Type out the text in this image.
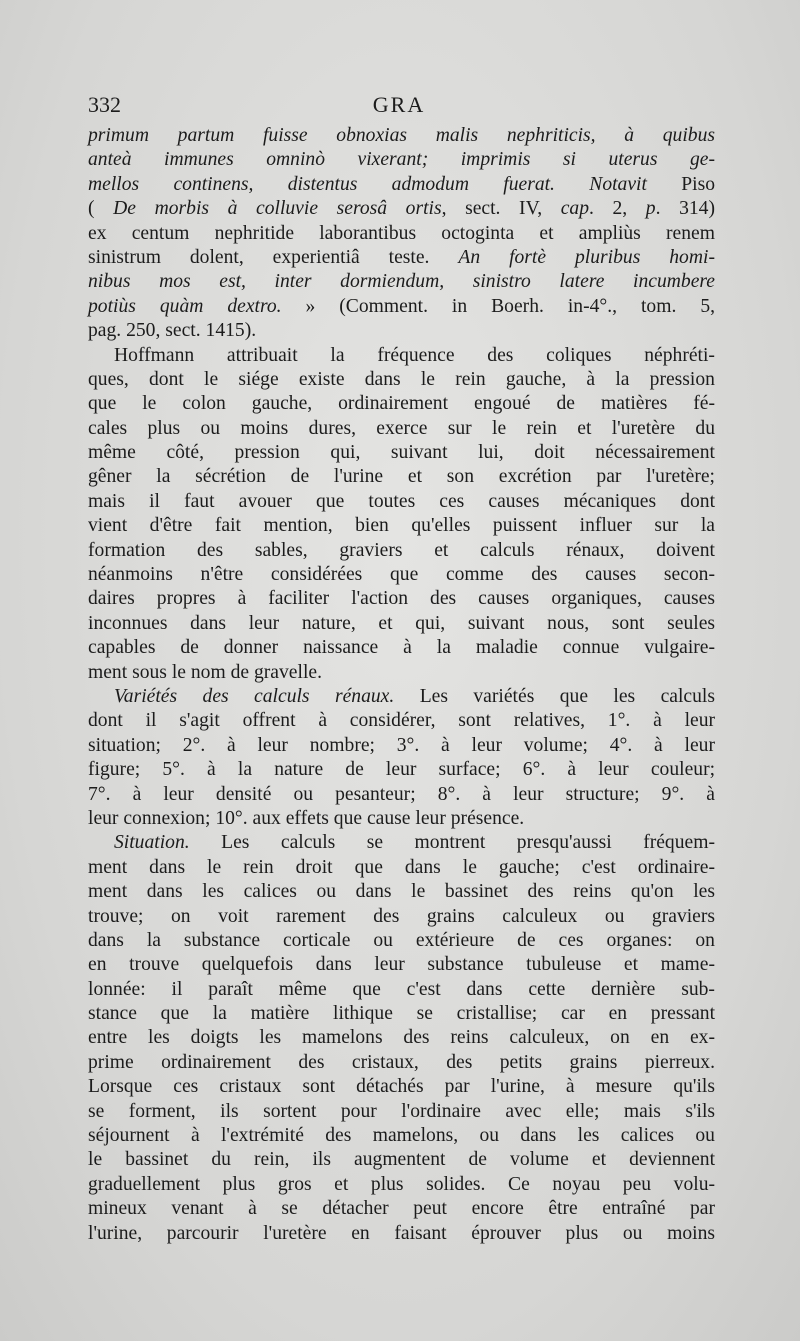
332	GRA
primum partum fuisse obnoxias malis nephriticis, à quibus
anteà immunes omninò vixerant; imprimis si uterus ge-
mellos continens, distentus admodum fuerat. Notavit Piso
( De morbis à colluvie serosâ ortis , sect. IV, cap . 2, p . 314)
ex centum nephritide laborantibus octoginta et ampliùs renem
sinistrum dolent, experientiâ teste. An fortè pluribus homi-
nibus mos est, inter dormiendum, sinistro latere incumbere
potiùs quàm dextro. » (Comment. in Boerh. in-4°., tom. 5,
pag. 250, sect. 1415).
Hoffmann attribuait la fréquence des coliques néphréti-
ques, dont le siége existe dans le rein gauche, à la pression
que le colon gauche, ordinairement engoué de matières fé-
cales plus ou moins dures, exerce sur le rein et l'uretère du
même côté, pression qui, suivant lui, doit nécessairement
gêner la sécrétion de l'urine et son excrétion par l'uretère;
mais il faut avouer que toutes ces causes mécaniques dont
vient d'être fait mention, bien qu'elles puissent influer sur la
formation des sables, graviers et calculs rénaux, doivent
néanmoins n'être considérées que comme des causes secon-
daires propres à faciliter l'action des causes organiques, causes
inconnues dans leur nature, et qui, suivant nous, sont seules
capables de donner naissance à la maladie connue vulgaire-
ment sous le nom de gravelle.
Variétés des calculs rénaux. Les variétés que les calculs
dont il s'agit offrent à considérer, sont relatives, 1°. à leur
situation; 2°. à leur nombre; 3°. à leur volume; 4°. à leur
figure; 5°. à la nature de leur surface; 6°. à leur couleur;
7°. à leur densité ou pesanteur; 8°. à leur structure; 9°. à
leur connexion; 10°. aux effets que cause leur présence.
Situation. Les calculs se montrent presqu'aussi fréquem-
ment dans le rein droit que dans le gauche; c'est ordinaire-
ment dans les calices ou dans le bassinet des reins qu'on les
trouve; on voit rarement des grains calculeux ou graviers
dans la substance corticale ou extérieure de ces organes: on
en trouve quelquefois dans leur substance tubuleuse et mame-
lonnée: il paraît même que c'est dans cette dernière sub-
stance que la matière lithique se cristallise; car en pressant
entre les doigts les mamelons des reins calculeux, on en ex-
prime ordinairement des cristaux, des petits grains pierreux.
Lorsque ces cristaux sont détachés par l'urine, à mesure qu'ils
se forment, ils sortent pour l'ordinaire avec elle; mais s'ils
séjournent à l'extrémité des mamelons, ou dans les calices ou
le bassinet du rein, ils augmentent de volume et deviennent
graduellement plus gros et plus solides. Ce noyau peu volu-
mineux venant à se détacher peut encore être entraîné par
l'urine, parcourir l'uretère en faisant éprouver plus ou moins
